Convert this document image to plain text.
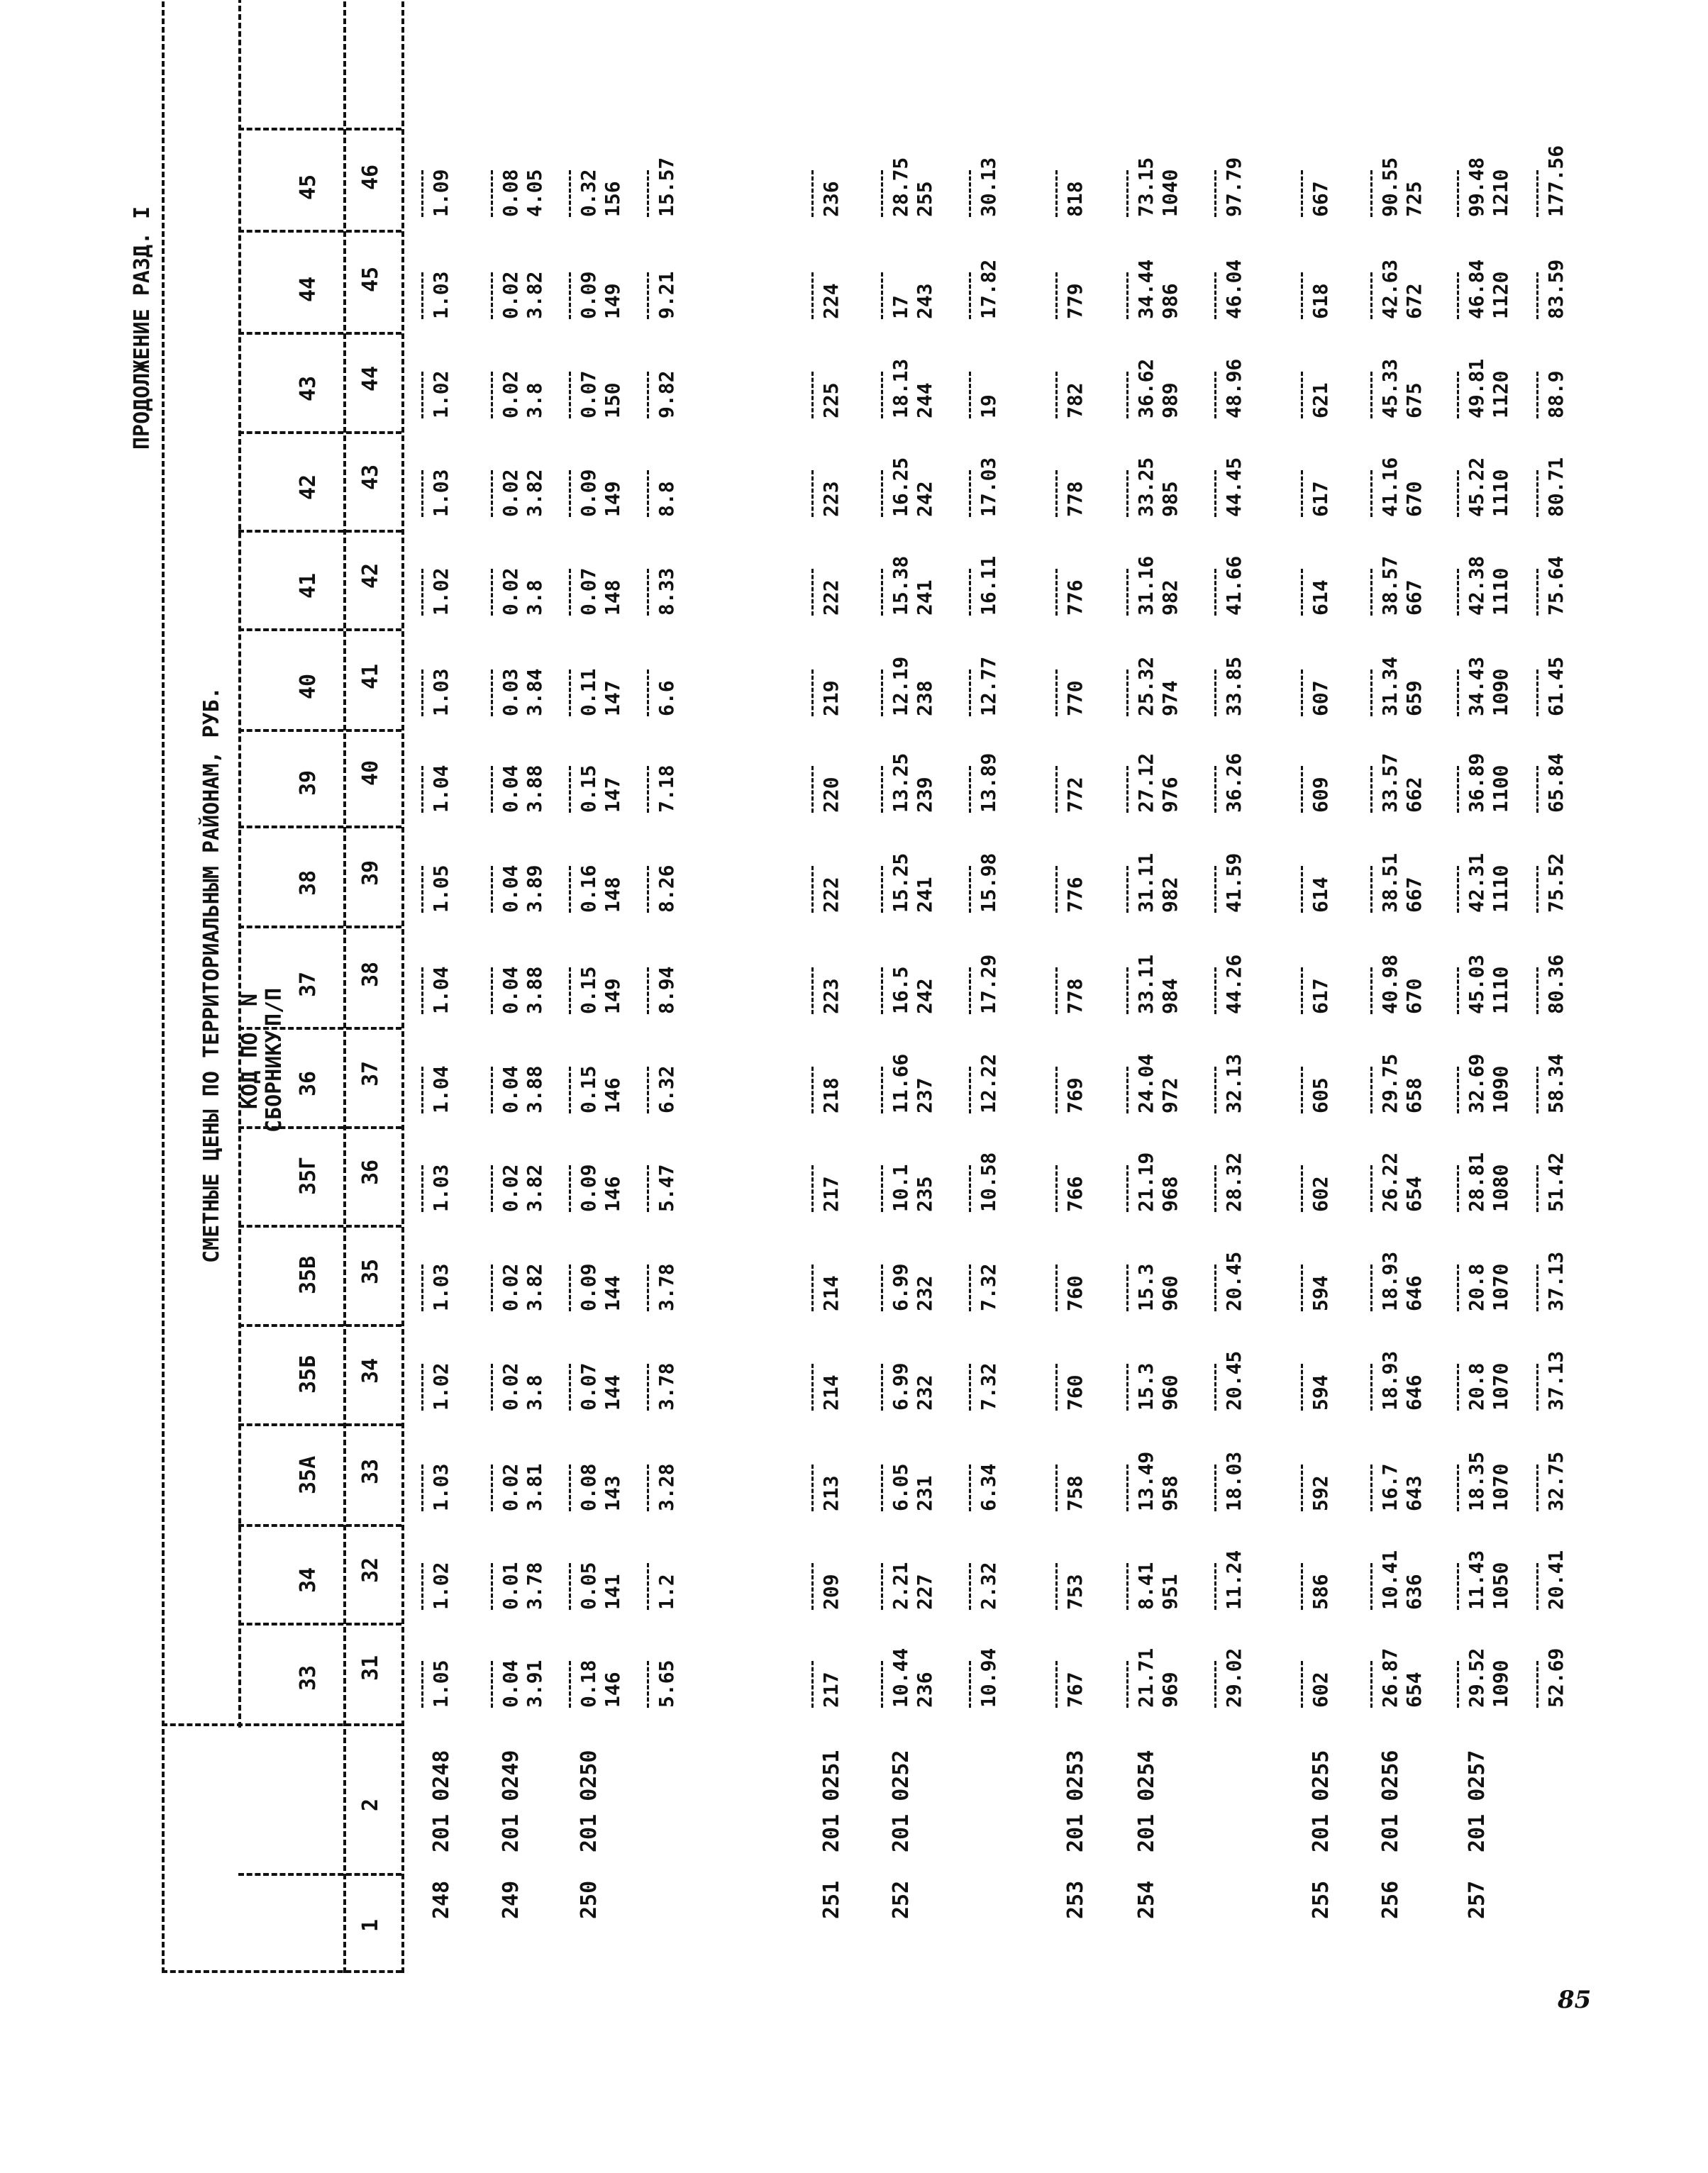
ПРОДОЛЖЕНИЕ РАЗД. I
СМЕТНЫЕ ЦЕНЫ ПО ТЕРРИТОРИАЛЬНЫМ РАЙОНАМ, РУБ. N П/П
КОД ПО СБОРНИКУ
33
34
35А
35Б
35В
35Г
36
37
38
39
40
41
42
43
44
45
1
2
31
32
33
34
35
36
37
38
39
40
41
42
43
44
45
46
248
201 0248
1.05
1.02
1.03
1.02
1.03
1.03
1.04
1.04
1.05
1.04
1.03
1.02
1.03
1.02
1.03
1.09
249
201 0249
0.04
0.01
0.02
0.02
0.02
0.02
0.04
0.04
0.04
0.04
0.03
0.02
0.02
0.02
0.02
0.08
3.91
3.78
3.81
3.8
3.82
3.82
3.88
3.88
3.89
3.88
3.84
3.8
3.82
3.8
3.82
4.05
250
201 0250
0.18
0.05
0.08
0.07
0.09
0.09
0.15
0.15
0.16
0.15
0.11
0.07
0.09
0.07
0.09
0.32
146
141
143
144
144
146
146
149
148
147
147
148
149
150
149
156
5.65
1.2
3.28
3.78
3.78
5.47
6.32
8.94
8.26
7.18
6.6
8.33
8.8
9.82
9.21
15.57
251
201 0251
217
209
213
214
214
217
218
223
222
220
219
222
223
225
224
236
252
201 0252
10.44
2.21
6.05
6.99
6.99
10.1
11.66
16.5
15.25
13.25
12.19
15.38
16.25
18.13
17
28.75
236
227
231
232
232
235
237
242
241
239
238
241
242
244
243
255
10.94
2.32
6.34
7.32
7.32
10.58
12.22
17.29
15.98
13.89
12.77
16.11
17.03
19
17.82
30.13
253
201 0253
767
753
758
760
760
766
769
778
776
772
770
776
778
782
779
818
254
201 0254
21.71
8.41
13.49
15.3
15.3
21.19
24.04
33.11
31.11
27.12
25.32
31.16
33.25
36.62
34.44
73.15
969
951
958
960
960
968
972
984
982
976
974
982
985
989
986
1040
29.02
11.24
18.03
20.45
20.45
28.32
32.13
44.26
41.59
36.26
33.85
41.66
44.45
48.96
46.04
97.79
255
201 0255
602
586
592
594
594
602
605
617
614
609
607
614
617
621
618
667
256
201 0256
26.87
10.41
16.7
18.93
18.93
26.22
29.75
40.98
38.51
33.57
31.34
38.57
41.16
45.33
42.63
90.55
654
636
643
646
646
654
658
670
667
662
659
667
670
675
672
725
257
201 0257
29.52
11.43
18.35
20.8
20.8
28.81
32.69
45.03
42.31
36.89
34.43
42.38
45.22
49.81
46.84
99.48
1090
1050
1070
1070
1070
1080
1090
1110
1110
1100
1090
1110
1110
1120
1120
1210
52.69
20.41
32.75
37.13
37.13
51.42
58.34
80.36
75.52
65.84
61.45
75.64
80.71
88.9
83.59
177.56
85
